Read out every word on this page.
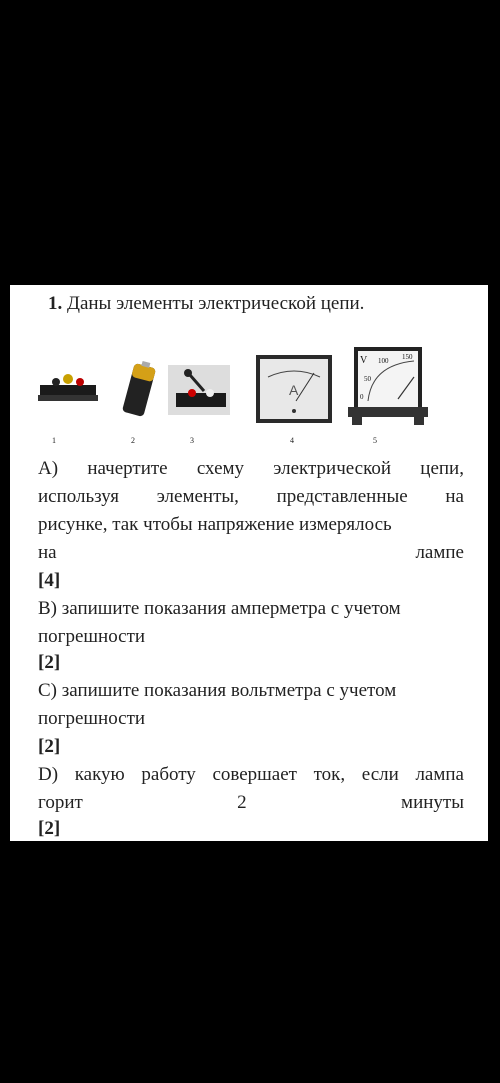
1. Даны элементы электрической цепи.
A
V 100 150
50
0
1	2	3	4	5
A) начертите схему электрической цепи,
используя элементы, представленные на
рисунке, так чтобы напряжение измерялось
на	лампе
[4]
B) запишите показания амперметра с учетом
погрешности
[2]
C) запишите показания вольтметра с учетом
погрешности
[2]
D) какую работу совершает ток, если лампа
горит	2	минуты
[2]
